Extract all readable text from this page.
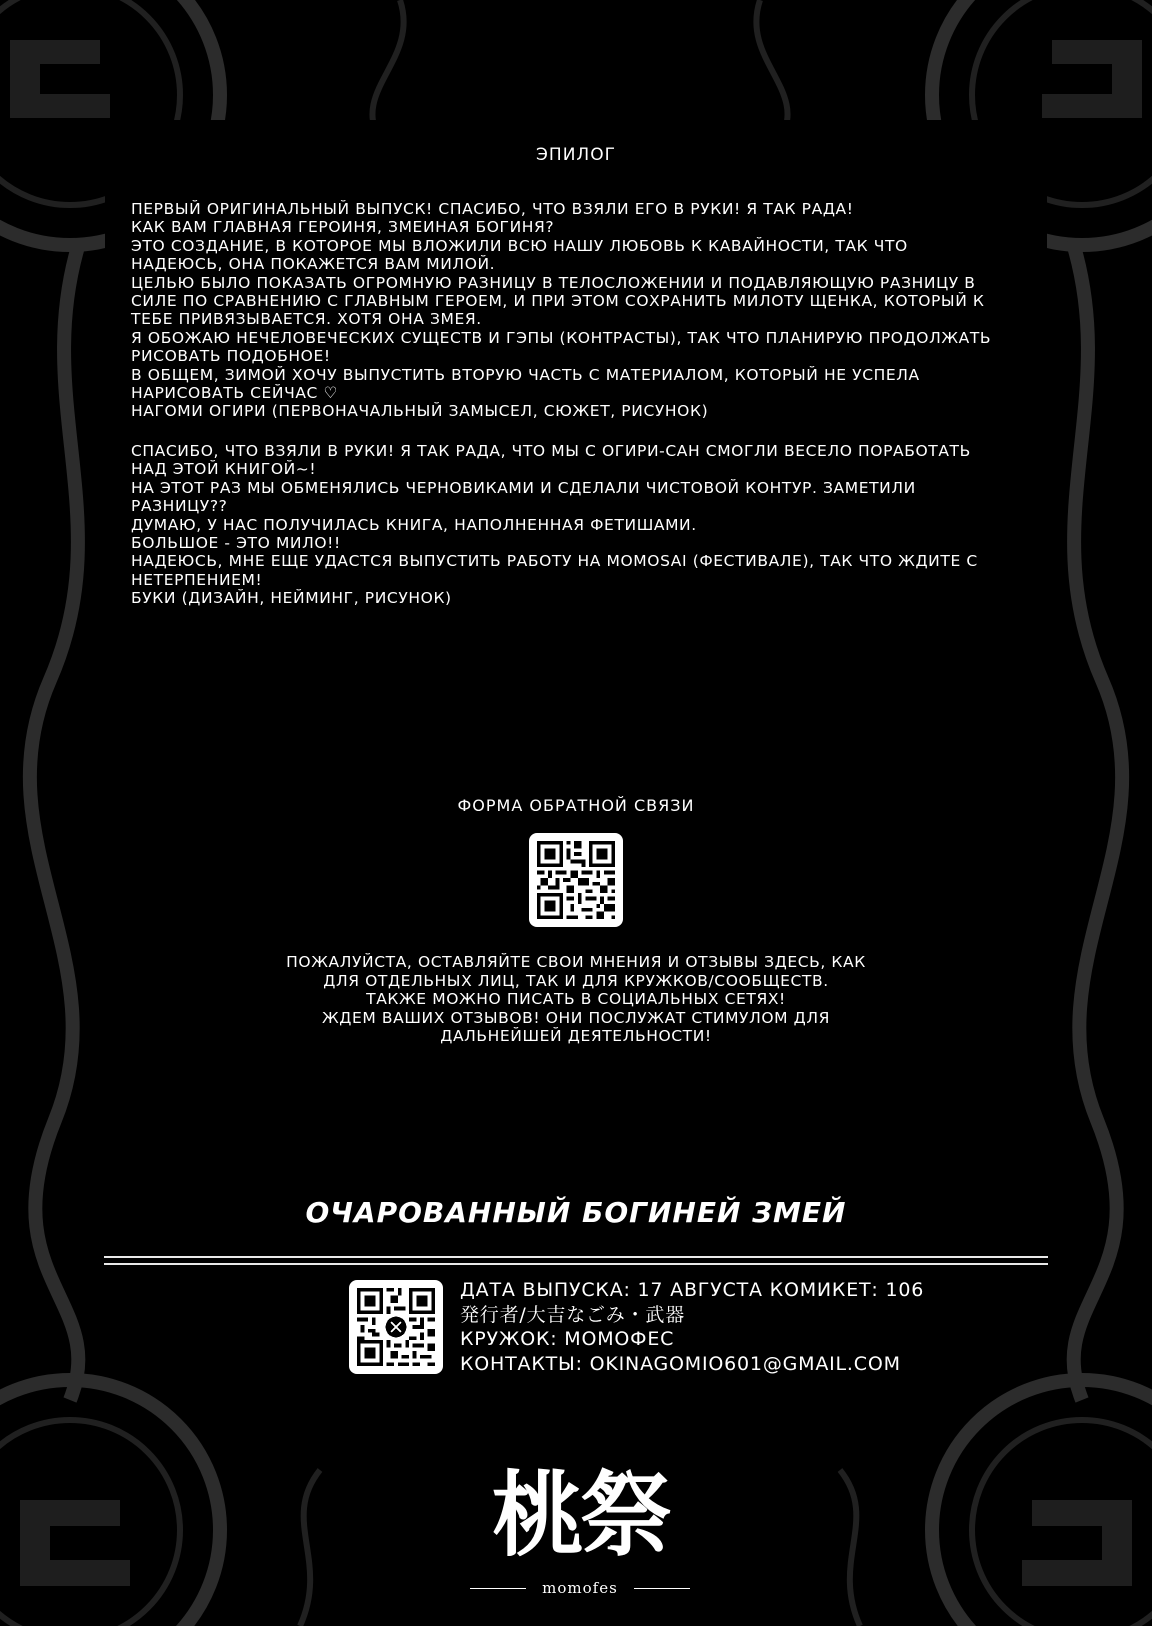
ЭПИЛОГ

ПЕРВЫЙ ОРИГИНАЛЬНЫЙ ВЫПУСК! СПАСИБО, ЧТО ВЗЯЛИ ЕГО В РУКИ! Я ТАК РАДА!

КАК ВАМ ГЛАВНАЯ ГЕРОИНЯ, ЗМЕИНАЯ БОГИНЯ?

ЭТО СОЗДАНИЕ, В КОТОРОЕ МЫ ВЛОЖИЛИ ВСЮ НАШУ ЛЮБОВЬ К КАВАЙНОСТИ, ТАК ЧТО

НАДЕЮСЬ, ОНА ПОКАЖЕТСЯ ВАМ МИЛОЙ.

ЦЕЛЬЮ БЫЛО ПОКАЗАТЬ ОГРОМНУЮ РАЗНИЦУ В ТЕЛОСЛОЖЕНИИ И ПОДАВЛЯЮЩУЮ РАЗНИЦУ В

СИЛЕ ПО СРАВНЕНИЮ С ГЛАВНЫМ ГЕРОЕМ, И ПРИ ЭТОМ СОХРАНИТЬ МИЛОТУ ЩЕНКА, КОТОРЫЙ К

ТЕБЕ ПРИВЯЗЫВАЕТСЯ. ХОТЯ ОНА ЗМЕЯ.

Я ОБОЖАЮ НЕЧЕЛОВЕЧЕСКИХ СУЩЕСТВ И ГЭПЫ (КОНТРАСТЫ), ТАК ЧТО ПЛАНИРУЮ ПРОДОЛЖАТЬ

РИСОВАТЬ ПОДОБНОЕ!

В ОБЩЕМ, ЗИМОЙ ХОЧУ ВЫПУСТИТЬ ВТОРУЮ ЧАСТЬ С МАТЕРИАЛОМ, КОТОРЫЙ НЕ УСПЕЛА

НАРИСОВАТЬ СЕЙЧАС ♡

НАГОМИ ОГИРИ (ПЕРВОНАЧАЛЬНЫЙ ЗАМЫСЕЛ, СЮЖЕТ, РИСУНОК)

СПАСИБО, ЧТО ВЗЯЛИ В РУКИ! Я ТАК РАДА, ЧТО МЫ С ОГИРИ-САН СМОГЛИ ВЕСЕЛО ПОРАБОТАТЬ

НАД ЭТОЙ КНИГОЙ~!

НА ЭТОТ РАЗ МЫ ОБМЕНЯЛИСЬ ЧЕРНОВИКАМИ И СДЕЛАЛИ ЧИСТОВОЙ КОНТУР. ЗАМЕТИЛИ

РАЗНИЦУ??

ДУМАЮ, У НАС ПОЛУЧИЛАСЬ КНИГА, НАПОЛНЕННАЯ ФЕТИШАМИ.

БОЛЬШОЕ - ЭТО МИЛО!!

НАДЕЮСЬ, МНЕ ЕЩЕ УДАСТСЯ ВЫПУСТИТЬ РАБОТУ НА MOMOSAI (ФЕСТИВАЛЕ), ТАК ЧТО ЖДИТЕ С

НЕТЕРПЕНИЕМ!

БУКИ (ДИЗАЙН, НЕЙМИНГ, РИСУНОК)

ФОРМА ОБРАТНОЙ СВЯЗИ

ПОЖАЛУЙСТА, ОСТАВЛЯЙТЕ СВОИ МНЕНИЯ И ОТЗЫВЫ ЗДЕСЬ, КАК

ДЛЯ ОТДЕЛЬНЫХ ЛИЦ, ТАК И ДЛЯ КРУЖКОВ/СООБЩЕСТВ.

ТАКЖЕ МОЖНО ПИСАТЬ В СОЦИАЛЬНЫХ СЕТЯХ!

ЖДЕМ ВАШИХ ОТЗЫВОВ! ОНИ ПОСЛУЖАТ СТИМУЛОМ ДЛЯ

ДАЛЬНЕЙШЕЙ ДЕЯТЕЛЬНОСТИ!

ОЧАРОВАННЫЙ БОГИНЕЙ ЗМЕЙ

ДАТА ВЫПУСКА: 17 АВГУСТА КОМИКЕТ: 106

発行者/大吉なごみ・武器

КРУЖОК: МОМОФЕС

КОНТАКТЫ: OKINAGOMIO601@GMAIL.COM

桃祭
momofes
